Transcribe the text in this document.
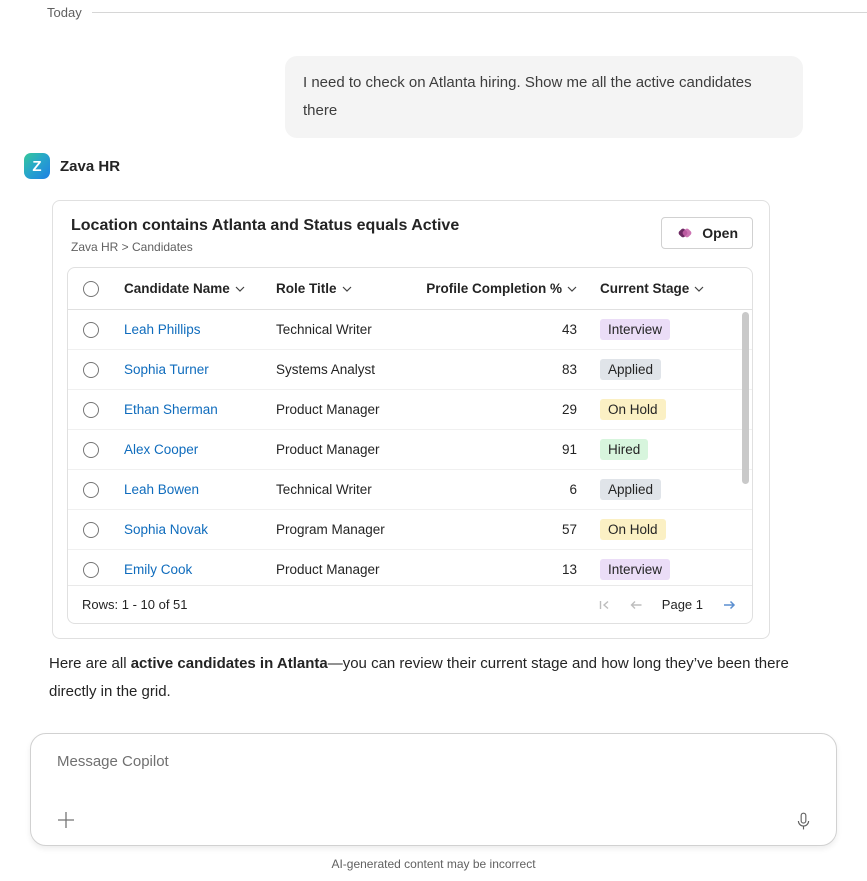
Today
I need to check on Atlanta hiring. Show me all the active candidates there
Z Zava HR
Location contains Atlanta and Status equals Active
Zava HR > Candidates
Open
Candidate Name	Role Title	Profile Completion %	Current Stage
Leah Phillips	Technical Writer	43	Interview
Sophia Turner	Systems Analyst	83	Applied
Ethan Sherman	Product Manager	29	On Hold
Alex Cooper	Product Manager	91	Hired
Leah Bowen	Technical Writer	6	Applied
Sophia Novak	Program Manager	57	On Hold
Emily Cook	Product Manager	13	Interview
Rows: 1 - 10 of 51	Page 1

Here are all active candidates in Atlanta—you can review their current stage and how long they’ve been there directly in the grid.

Message Copilot
AI-generated content may be incorrect
